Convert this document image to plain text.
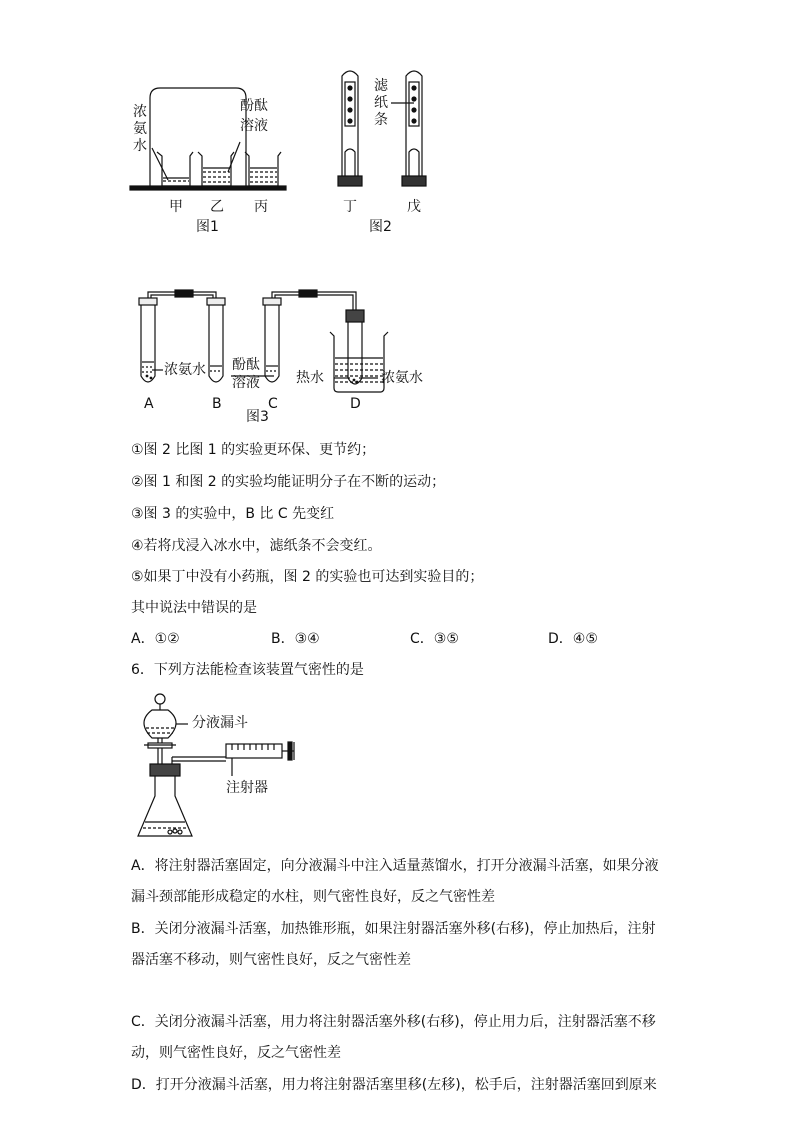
浓氨水
酚酞
溶液
甲 乙 丙
图1
滤纸条
丁	戊
图2
浓氨水 酚酞
溶液	热水	浓氨水
A	B	C	D
图3
①图 2 比图 1 的实验更环保、更节约；
②图 1 和图 2 的实验均能证明分子在不断的运动；
③图 3 的实验中，B 比 C 先变红
④若将戊浸入冰水中，滤纸条不会变红。
⑤如果丁中没有小药瓶，图 2 的实验也可达到实验目的；
其中说法中错误的是
A．①②	B．③④	C．③⑤	D．④⑤
6．下列方法能检查该装置气密性的是
分液漏斗
注射器
A．将注射器活塞固定，向分液漏斗中注入适量蒸馏水，打开分液漏斗活塞，如果分液
漏斗颈部能形成稳定的水柱，则气密性良好，反之气密性差
B．关闭分液漏斗活塞，加热锥形瓶，如果注射器活塞外移(右移)，停止加热后，注射
器活塞不移动，则气密性良好，反之气密性差
C．关闭分液漏斗活塞，用力将注射器活塞外移(右移)，停止用力后，注射器活塞不移
动，则气密性良好，反之气密性差
D．打开分液漏斗活塞，用力将注射器活塞里移(左移)，松手后，注射器活塞回到原来
